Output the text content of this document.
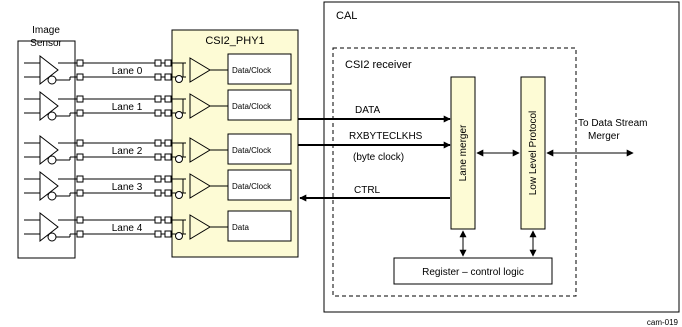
CAL
CSI2 receiver
Image
Sensor	CSI2_PHY1
Lane 0	Data/Clock
Lane 1	Data/Clock
Lane 2	Data/Clock
Lane 3	Data/Clock
Lane 4	Data
DATA
RXBYTECLKHS
(byte clock)
CTRL
Lane merger	Low Level Protocol	To Data Stream
Merger
Register – control logic
cam-019
